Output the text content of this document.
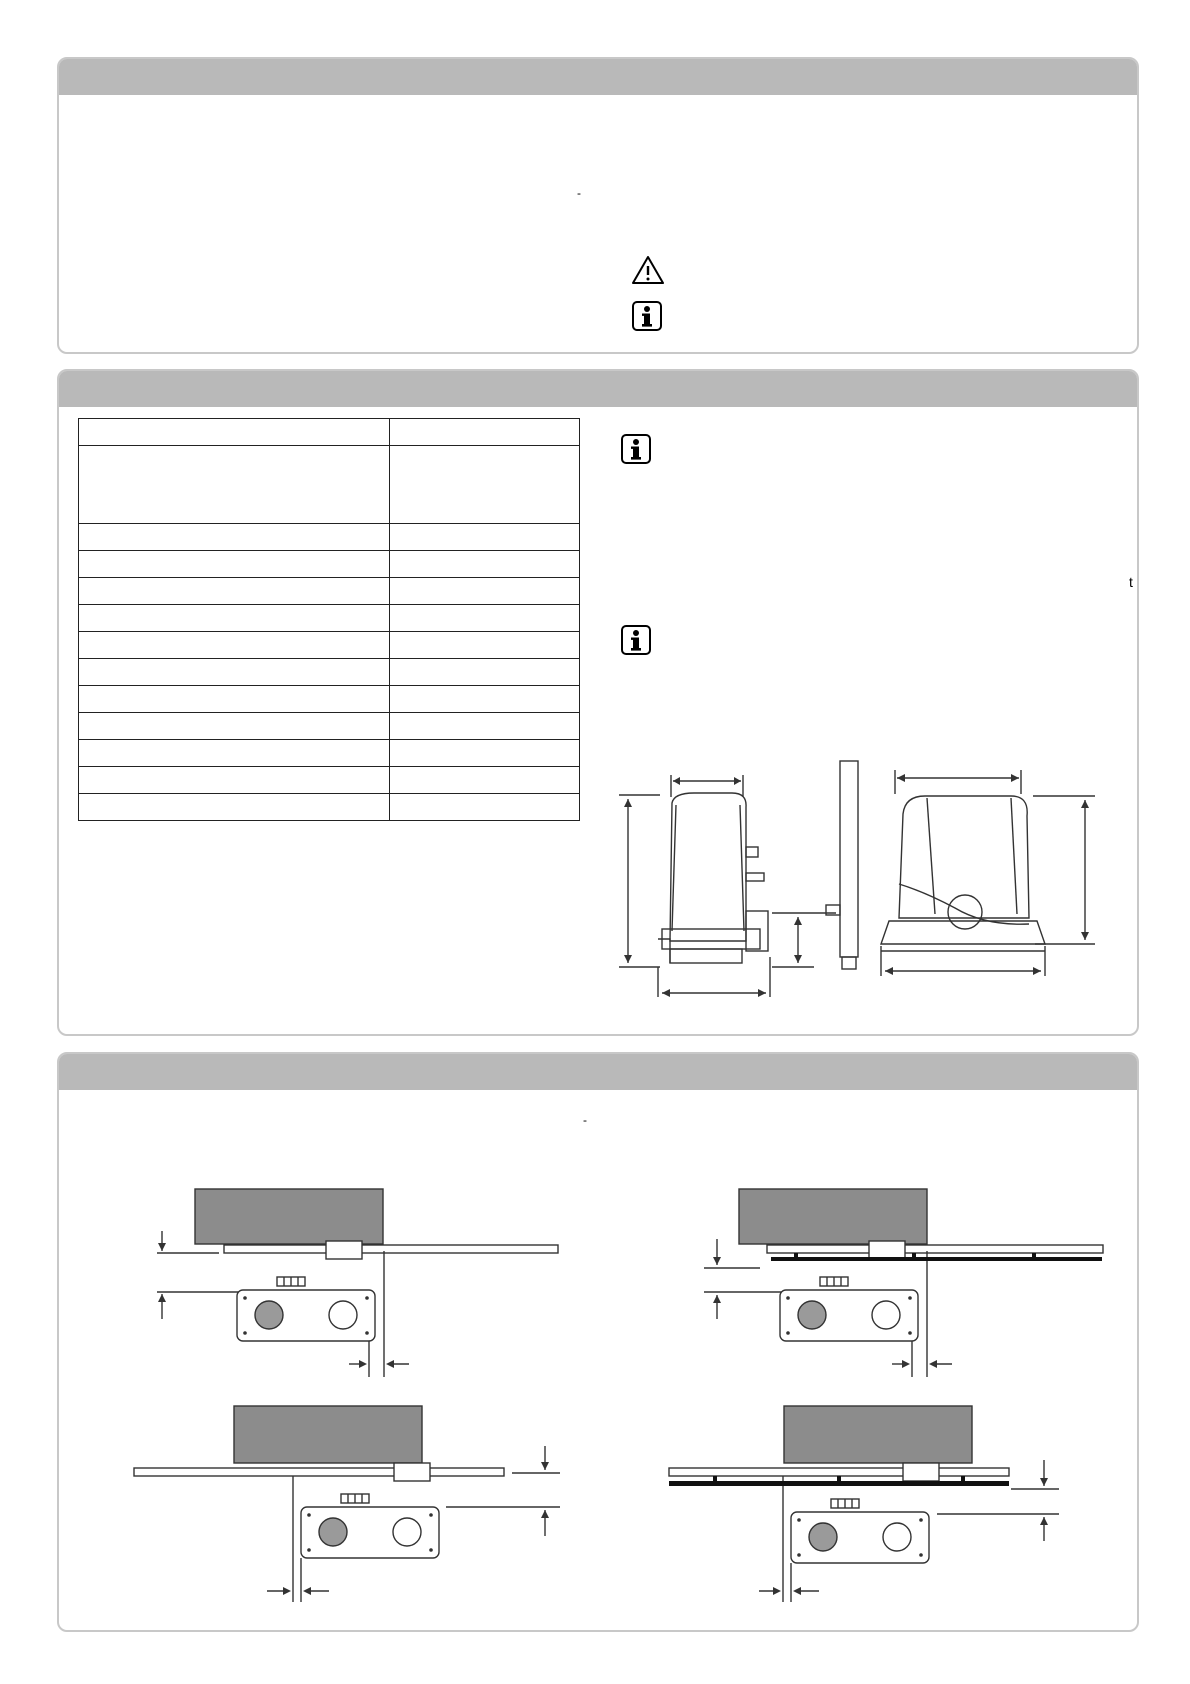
-

t
-
